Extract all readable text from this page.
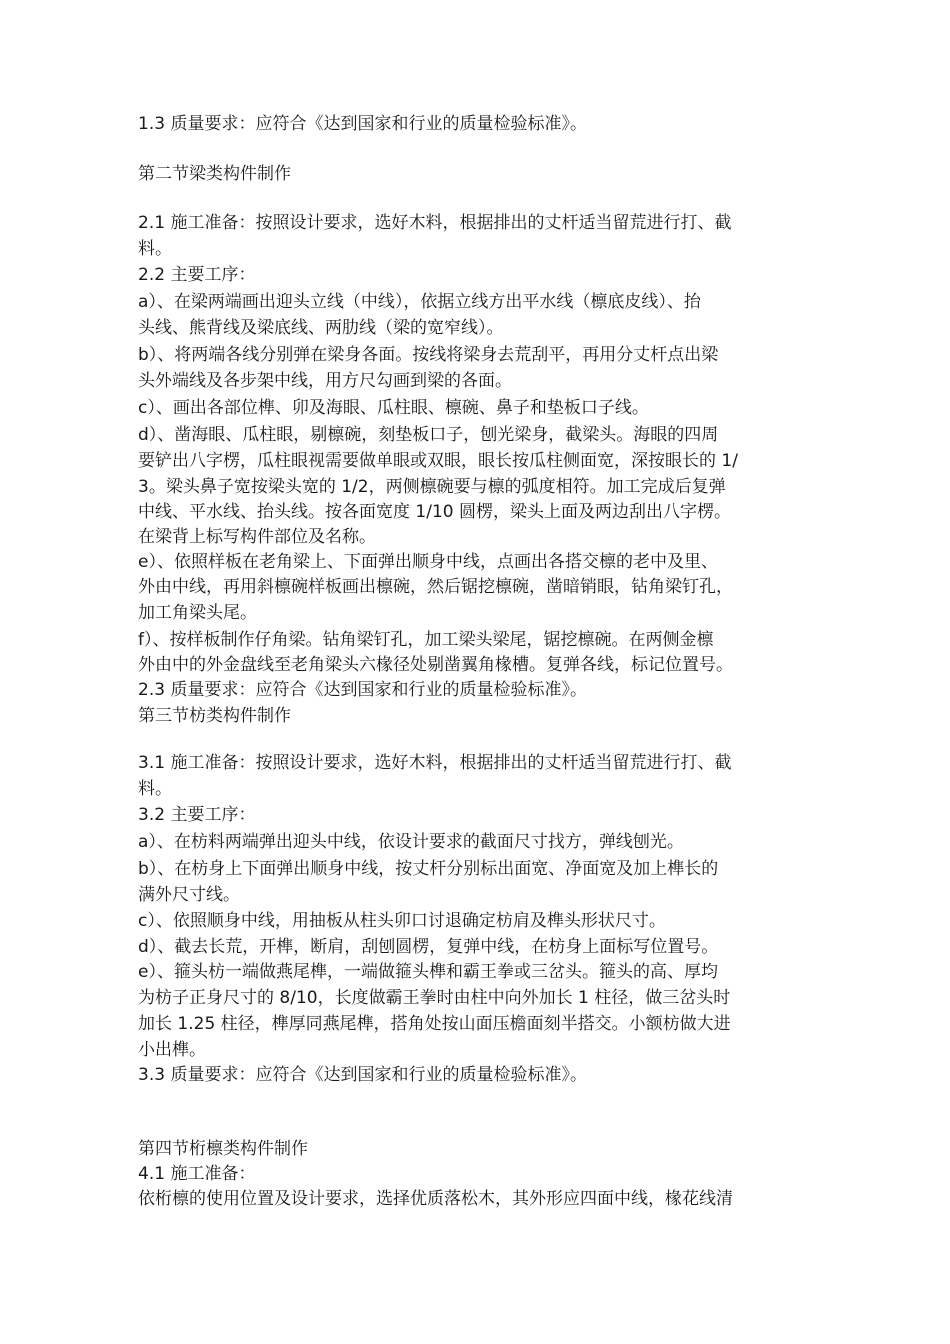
1.3 质量要求：应符合《达到国家和行业的质量检验标准》。
第二节梁类构件制作
2.1 施工准备：按照设计要求，选好木料，根据排出的丈杆适当留荒进行打、截
料。
2.2 主要工序：
a）、在梁两端画出迎头立线（中线），依据立线方出平水线（檩底皮线）、抬
头线、熊背线及梁底线、两肋线（梁的宽窄线）。
b）、将两端各线分别弹在梁身各面。按线将梁身去荒刮平，再用分丈杆点出梁
头外端线及各步架中线，用方尺勾画到梁的各面。
c）、画出各部位榫、卯及海眼、瓜柱眼、檩碗、鼻子和垫板口子线。
d）、凿海眼、瓜柱眼，剔檩碗，刻垫板口子，刨光梁身，截梁头。海眼的四周
要铲出八字楞，瓜柱眼视需要做单眼或双眼，眼长按瓜柱侧面宽，深按眼长的 1/
3。梁头鼻子宽按梁头宽的 1/2，两侧檩碗要与檩的弧度相符。加工完成后复弹
中线、平水线、抬头线。按各面宽度 1/10 圆楞，梁头上面及两边刮出八字楞。
在梁背上标写构件部位及名称。
e）、依照样板在老角梁上、下面弹出顺身中线，点画出各搭交檩的老中及里、
外由中线，再用斜檩碗样板画出檩碗，然后锯挖檩碗，凿暗销眼，钻角梁钉孔，
加工角梁头尾。
f）、按样板制作仔角梁。钻角梁钉孔，加工梁头梁尾，锯挖檩碗。在两侧金檩
外由中的外金盘线至老角梁头六椽径处剔凿翼角椽槽。复弹各线，标记位置号。
2.3 质量要求：应符合《达到国家和行业的质量检验标准》。
第三节枋类构件制作
3.1 施工准备：按照设计要求，选好木料，根据排出的丈杆适当留荒进行打、截
料。
3.2 主要工序：
a）、在枋料两端弹出迎头中线，依设计要求的截面尺寸找方，弹线刨光。
b）、在枋身上下面弹出顺身中线，按丈杆分别标出面宽、净面宽及加上榫长的
满外尺寸线。
c）、依照顺身中线，用抽板从柱头卯口讨退确定枋肩及榫头形状尺寸。
d）、截去长荒，开榫，断肩，刮刨圆楞，复弹中线，在枋身上面标写位置号。
e）、箍头枋一端做燕尾榫，一端做箍头榫和霸王拳或三岔头。箍头的高、厚均
为枋子正身尺寸的 8/10，长度做霸王拳时由柱中向外加长 1 柱径，做三岔头时
加长 1.25 柱径，榫厚同燕尾榫，搭角处按山面压檐面刻半搭交。小额枋做大进
小出榫。
3.3 质量要求：应符合《达到国家和行业的质量检验标准》。
第四节桁檩类构件制作
4.1 施工准备：
依桁檩的使用位置及设计要求，选择优质落松木，其外形应四面中线，椽花线清
